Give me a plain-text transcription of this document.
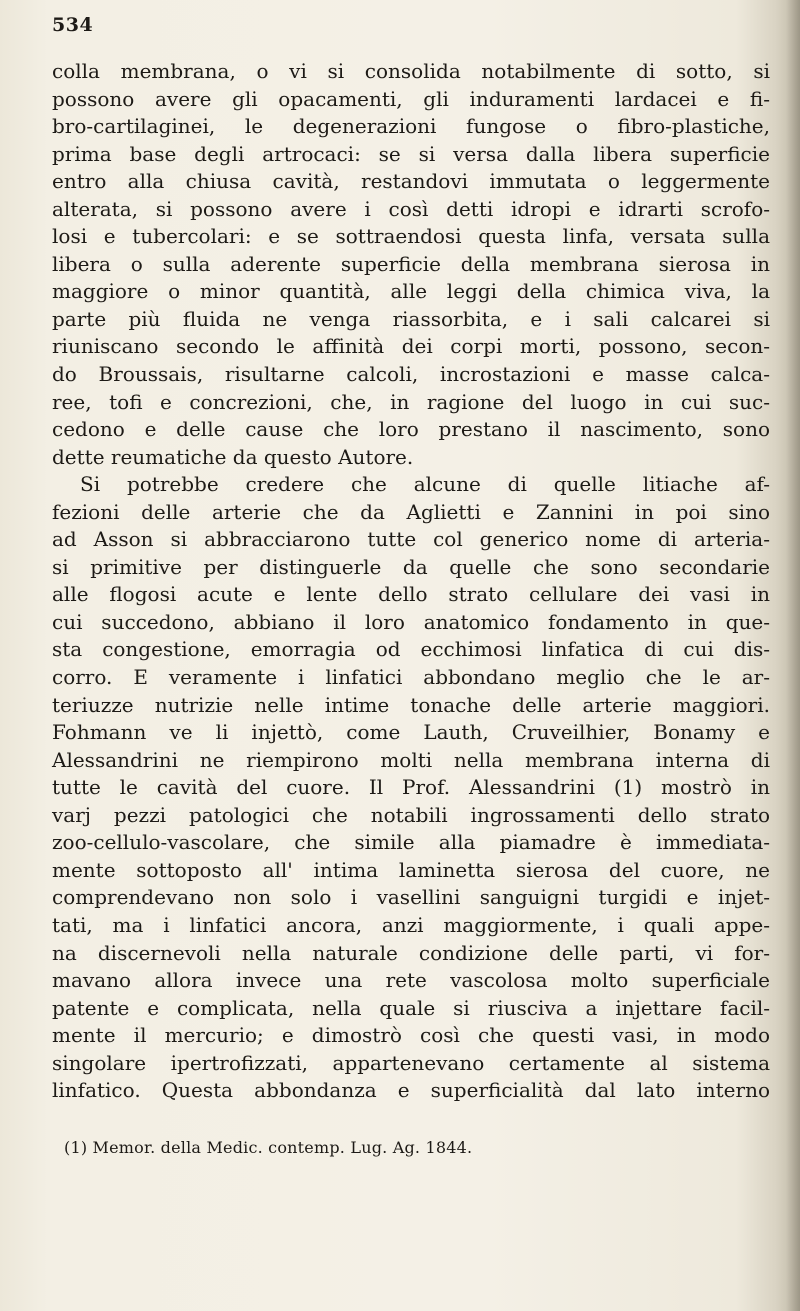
534
colla membrana, o vi si consolida notabilmente di sotto, si
possono avere gli opacamenti, gli induramenti lardacei e fi-
bro-cartilaginei, le degenerazioni fungose o fibro-plastiche,
prima base degli artrocaci: se si versa dalla libera superficie
entro alla chiusa cavità, restandovi immutata o leggermente
alterata, si possono avere i così detti idropi e idrarti scrofo-
losi e tubercolari: e se sottraendosi questa linfa, versata sulla
libera o sulla aderente superficie della membrana sierosa in
maggiore o minor quantità, alle leggi della chimica viva, la
parte più fluida ne venga riassorbita, e i sali calcarei si
riuniscano secondo le affinità dei corpi morti, possono, secon-
do Broussais, risultarne calcoli, incrostazioni e masse calca-
ree, tofi e concrezioni, che, in ragione del luogo in cui suc-
cedono e delle cause che loro prestano il nascimento, sono
dette reumatiche da questo Autore.
Si potrebbe credere che alcune di quelle litiache af-
fezioni delle arterie che da Aglietti e Zannini in poi sino
ad Asson si abbracciarono tutte col generico nome di arteria-
si primitive per distinguerle da quelle che sono secondarie
alle flogosi acute e lente dello strato cellulare dei vasi in
cui succedono, abbiano il loro anatomico fondamento in que-
sta congestione, emorragia od ecchimosi linfatica di cui dis-
corro. E veramente i linfatici abbondano meglio che le ar-
teriuzze nutrizie nelle intime tonache delle arterie maggiori.
Fohmann ve li injettò, come Lauth, Cruveilhier, Bonamy e
Alessandrini ne riempirono molti nella membrana interna di
tutte le cavità del cuore. Il Prof. Alessandrini (1) mostrò in
varj pezzi patologici che notabili ingrossamenti dello strato
zoo-cellulo-vascolare, che simile alla piamadre è immediata-
mente sottoposto all' intima laminetta sierosa del cuore, ne
comprendevano non solo i vasellini sanguigni turgidi e injet-
tati, ma i linfatici ancora, anzi maggiormente, i quali appe-
na discernevoli nella naturale condizione delle parti, vi for-
mavano allora invece una rete vascolosa molto superficiale
patente e complicata, nella quale si riusciva a injettare facil-
mente il mercurio; e dimostrò così che questi vasi, in modo
singolare ipertrofizzati, appartenevano certamente al sistema
linfatico. Questa abbondanza e superficialità dal lato interno
(1) Memor. della Medic. contemp. Lug. Ag. 1844.
